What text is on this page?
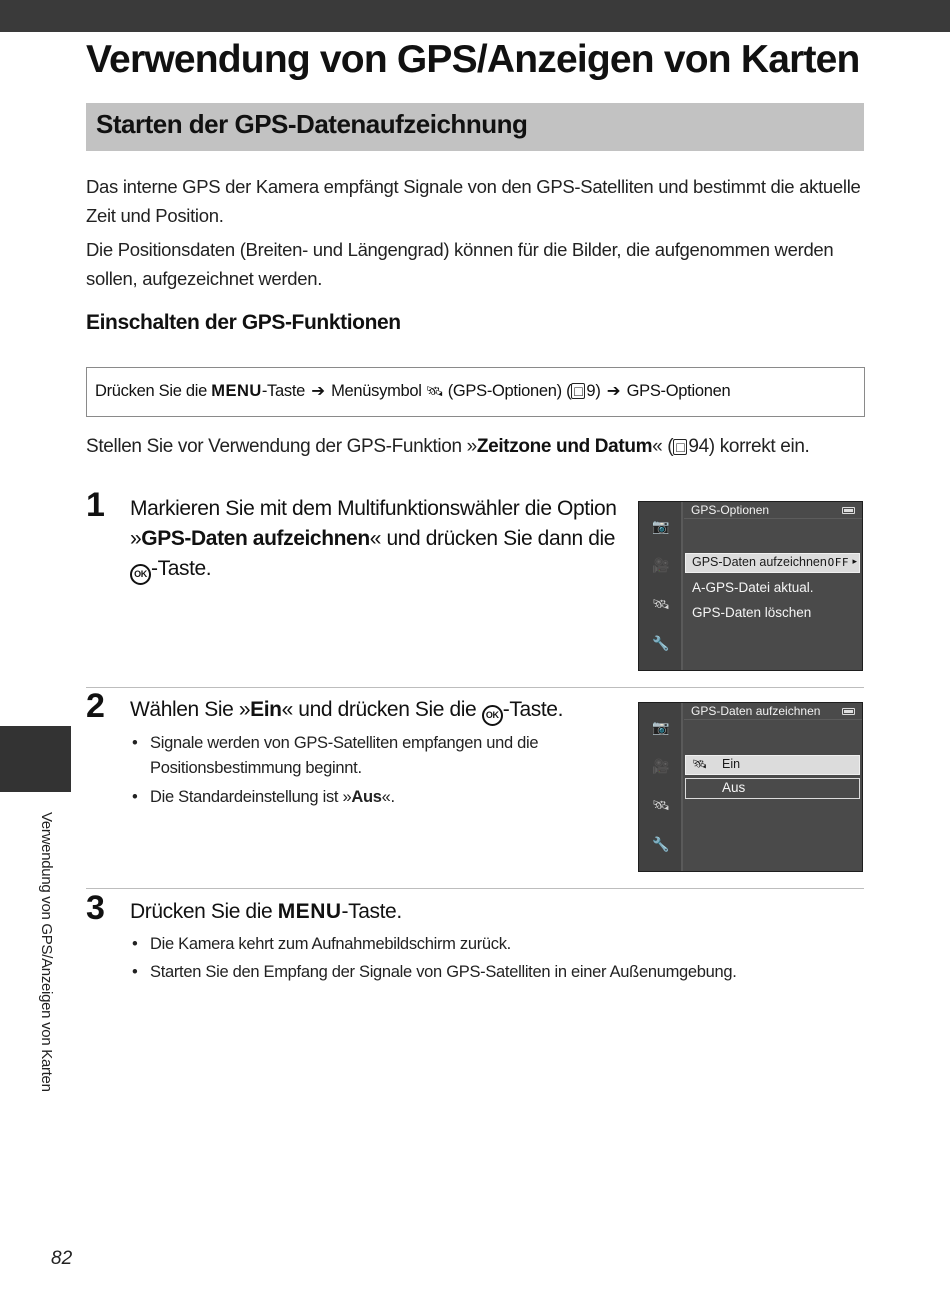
Verwendung von GPS/Anzeigen von Karten
Starten der GPS-Datenaufzeichnung

Das interne GPS der Kamera empfängt Signale von den GPS-Satelliten und bestimmt die aktuelle Zeit und Position.

Die Positionsdaten (Breiten- und Längengrad) können für die Bilder, die aufgenommen werden sollen, aufgezeichnet werden.

Einschalten der GPS-Funktionen
Drücken Sie die MENU-Taste ➔ Menüsymbol 🛰 (GPS-Optionen) ( □ 9) ➔ GPS-Optionen

Stellen Sie vor Verwendung der GPS-Funktion »Zeitzone und Datum« ( □ 94) korrekt ein.

1 Markieren Sie mit dem Multifunktionswähler die Option
»GPS-Daten aufzeichnen« und drücken Sie dann die
OK -Taste.
📷
🎥
🛰
🔧
GPS-Optionen
GPS-Daten aufzeichnen OFF ▸
A-GPS-Datei aktual.
GPS-Daten löschen
2 Wählen Sie »Ein« und drücken Sie die OK -Taste.
• Signale werden von GPS-Satelliten empfangen und die Positionsbestimmung beginnt.
• Die Standardeinstellung ist »Aus«.
📷
🎥
🛰
🔧
GPS-Daten aufzeichnen
🛰 Ein
Aus
3 Drücken Sie die MENU-Taste.
• Die Kamera kehrt zum Aufnahmebildschirm zurück.
• Starten Sie den Empfang der Signale von GPS-Satelliten in einer Außenumgebung.
Verwendung von GPS/Anzeigen von Karten
82
